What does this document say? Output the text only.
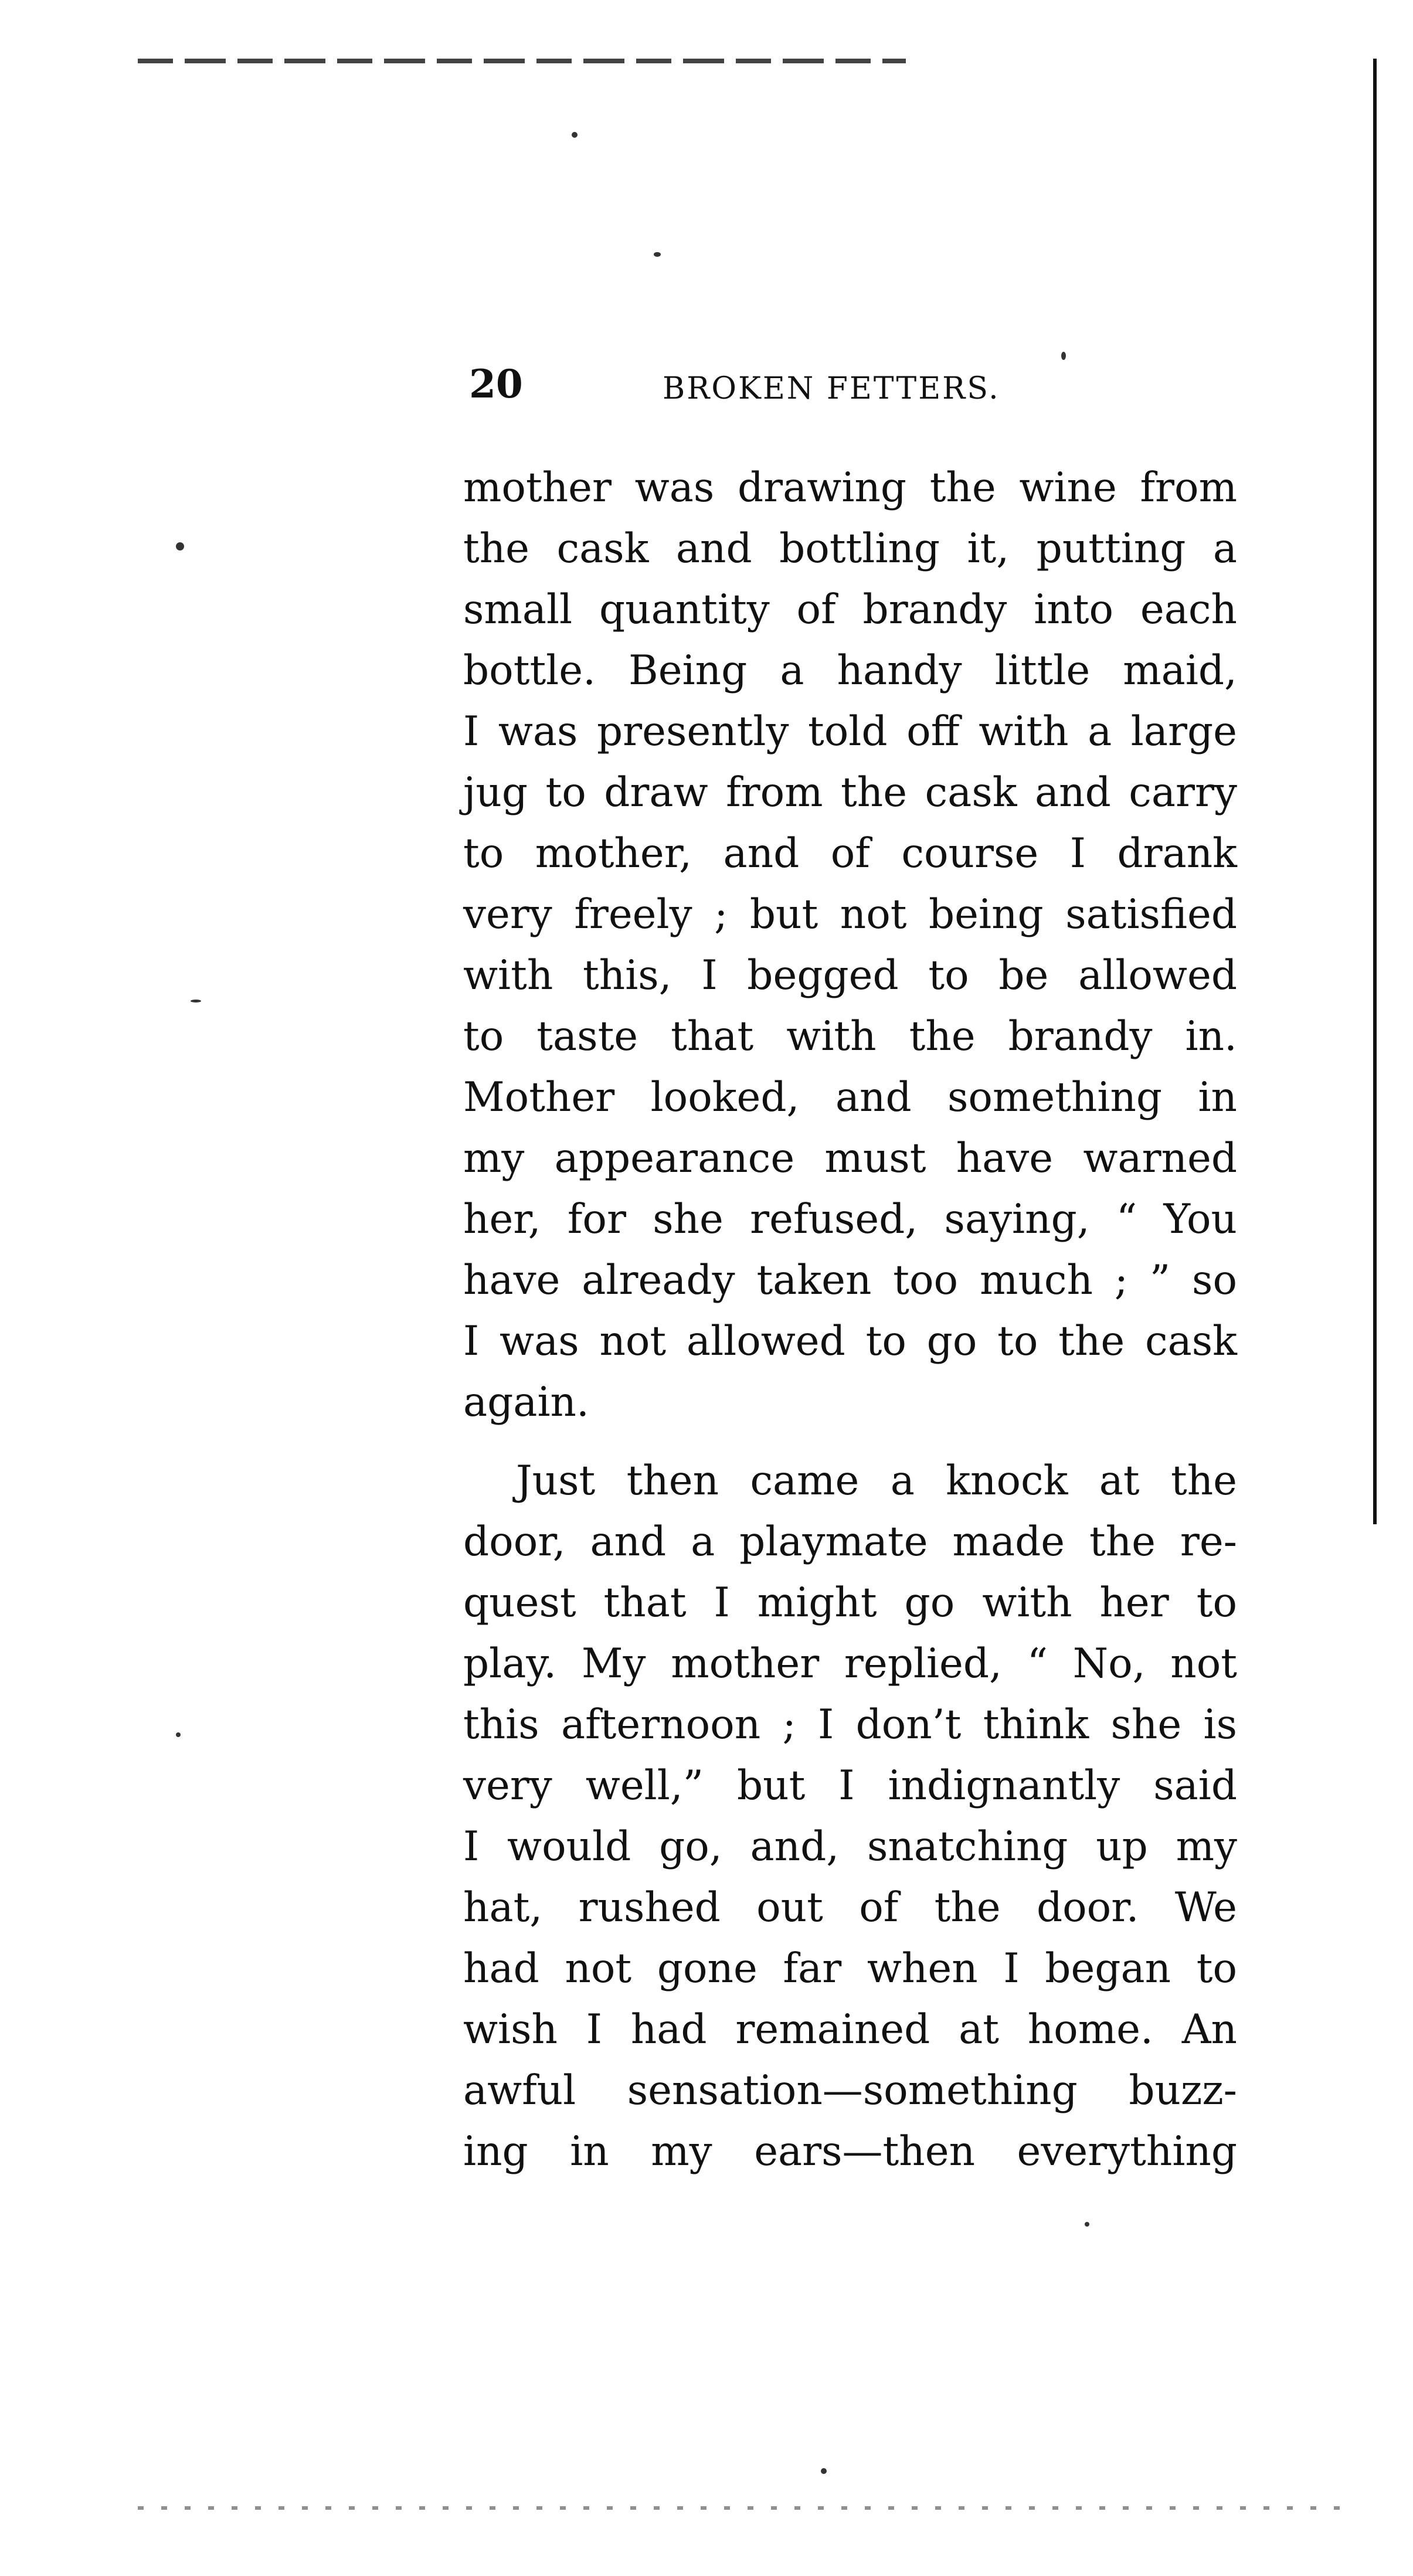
20	BROKEN FETTERS.
mother was drawing the wine from
the cask and bottling it, putting a
small quantity of brandy into each
bottle. Being a handy little maid,
I was presently told off with a large
jug to draw from the cask and carry
to mother, and of course I drank
very freely ; but not being satisfied
with this, I begged to be allowed
to taste that with the brandy in.
Mother looked, and something in
my appearance must have warned
her, for she refused, saying, “ You
have already taken too much ; ” so
I was not allowed to go to the cask
again.
Just then came a knock at the
door, and a playmate made the re-
quest that I might go with her to
play. My mother replied, “ No, not
this afternoon ; I don’t think she is
very well,” but I indignantly said
I would go, and, snatching up my
hat, rushed out of the door. We
had not gone far when I began to
wish I had remained at home. An
awful sensation—something buzz-
ing in my ears—then everything
